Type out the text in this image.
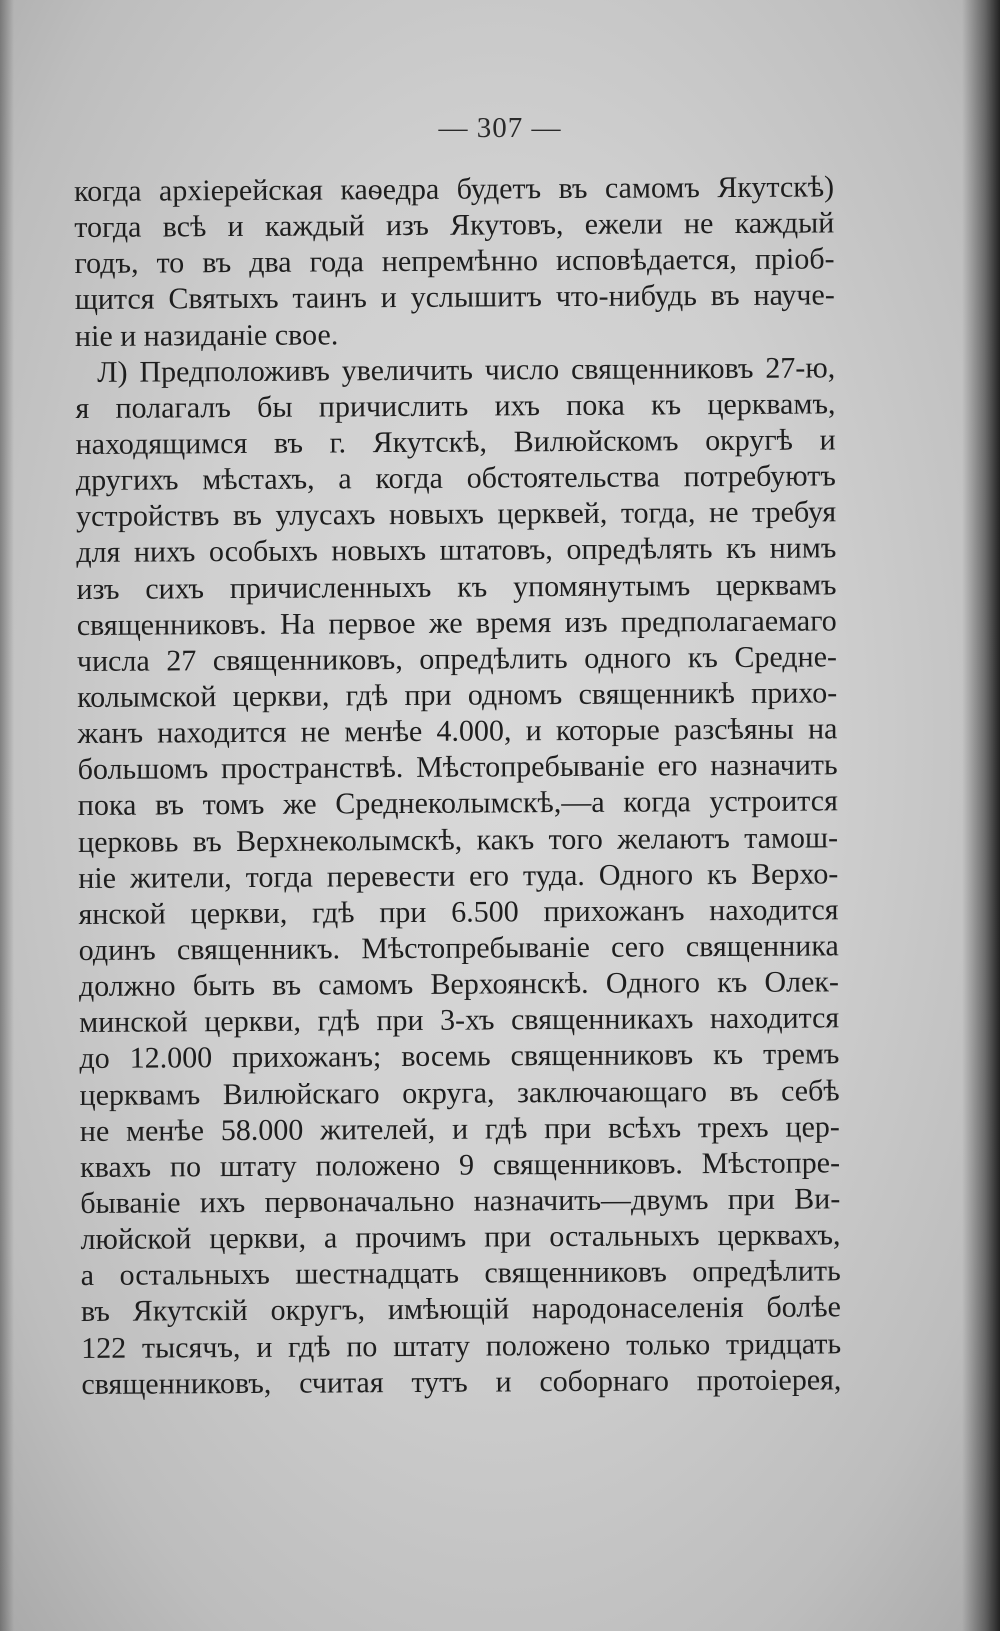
— 307 —
когда архіерейская каѳедра будетъ въ самомъ Якутскѣ)
тогда всѣ и каждый изъ Якутовъ, ежели не каждый
годъ, то въ два года непремѣнно исповѣдается, пріоб-
щится Святыхъ таинъ и услышитъ что-нибудь въ науче-
ніе и назиданіе свое.
Л) Предположивъ увеличить число священниковъ 27-ю,
я полагалъ бы причислить ихъ пока къ церквамъ,
находящимся въ г. Якутскѣ, Вилюйскомъ округѣ и
другихъ мѣстахъ, а когда обстоятельства потребуютъ
устройствъ въ улусахъ новыхъ церквей, тогда, не требуя
для нихъ особыхъ новыхъ штатовъ, опредѣлять къ нимъ
изъ сихъ причисленныхъ къ упомянутымъ церквамъ
священниковъ. На первое же время изъ предполагаемаго
числа 27 священниковъ, опредѣлить одного къ Средне-
колымской церкви, гдѣ при одномъ священникѣ прихо-
жанъ находится не менѣе 4.000, и которые разсѣяны на
большомъ пространствѣ. Мѣстопребываніе его назначить
пока въ томъ же Среднеколымскѣ,—а когда устроится
церковь въ Верхнеколымскѣ, какъ того желаютъ тамош-
ніе жители, тогда перевести его туда. Одного къ Верхо-
янской церкви, гдѣ при 6.500 прихожанъ находится
одинъ священникъ. Мѣстопребываніе сего священника
должно быть въ самомъ Верхоянскѣ. Одного къ Олек-
минской церкви, гдѣ при 3-хъ священникахъ находится
до 12.000 прихожанъ; восемь священниковъ къ тремъ
церквамъ Вилюйскаго округа, заключающаго въ себѣ
не менѣе 58.000 жителей, и гдѣ при всѣхъ трехъ цер-
квахъ по штату положено 9 священниковъ. Мѣстопре-
быванiе ихъ первоначально назначить—двумъ при Ви-
люйской церкви, а прочимъ при остальныхъ церквахъ,
а остальныхъ шестнадцать священниковъ опредѣлить
въ Якутскій округъ, имѣющій народонаселенія болѣе
122 тысячъ, и гдѣ по штату положено только тридцать
священниковъ, считая тутъ и соборнаго протоіерея,
